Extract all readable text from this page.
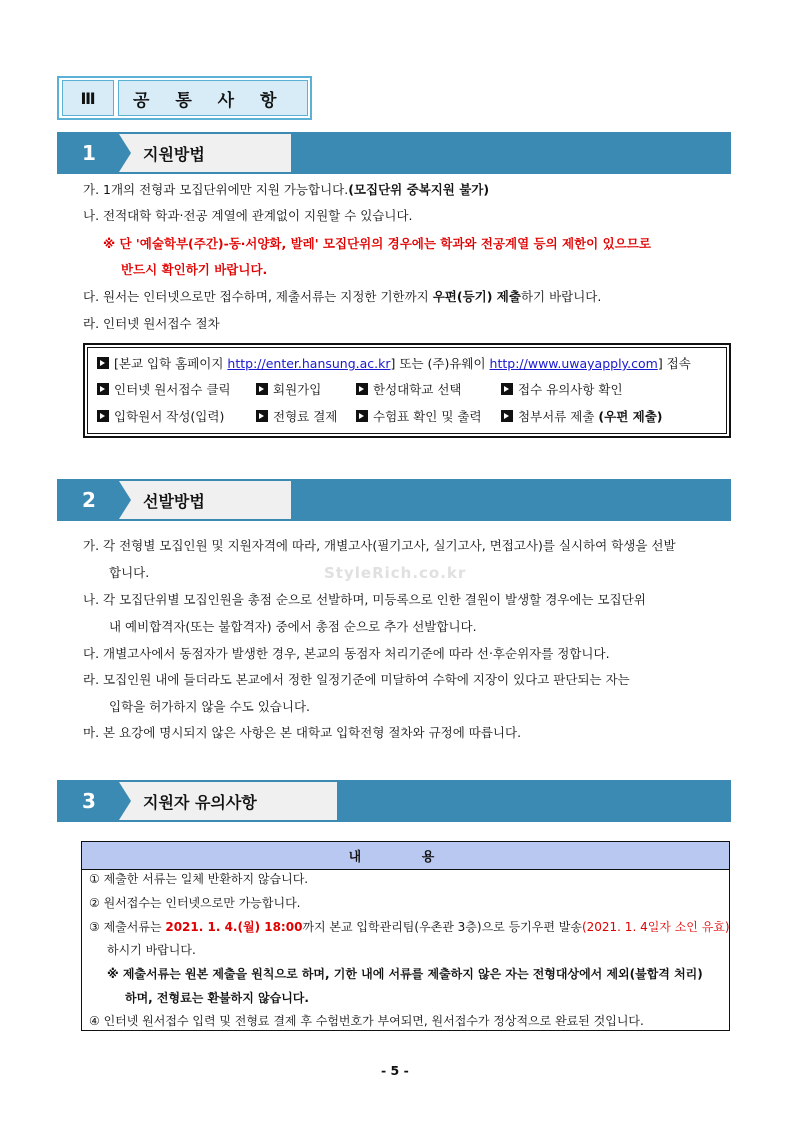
Ⅲ	공 통 사 항
1	지원방법
가. 1개의 전형과 모집단위에만 지원 가능합니다.(모집단위 중복지원 불가)
나. 전적대학 학과‧전공 계열에 관계없이 지원할 수 있습니다.
※ 단 '예술학부(주간)-동‧서양화, 발레' 모집단위의 경우에는 학과와 전공계열 등의 제한이 있으므로
반드시 확인하기 바랍니다.
다. 원서는 인터넷으로만 접수하며, 제출서류는 지정한 기한까지 우편(등기) 제출하기 바랍니다.
라. 인터넷 원서접수 절차
[본교 입학 홈페이지 http://enter.hansung.ac.kr] 또는 (주)유웨이 http://www.uwayapply.com] 접속
인터넷 원서접수 클릭	회원가입	한성대학교 선택	접수 유의사항 확인
입학원서 작성(입력)	전형료 결제	수험표 확인 및 출력	첨부서류 제출 (우편 제출)
2	선발방법
가. 각 전형별 모집인원 및 지원자격에 따라, 개별고사(필기고사, 실기고사, 면접고사)를 실시하여 학생을 선발
합니다.	StyleRich.co.kr
나. 각 모집단위별 모집인원을 총점 순으로 선발하며, 미등록으로 인한 결원이 발생할 경우에는 모집단위
내 예비합격자(또는 불합격자) 중에서 총점 순으로 추가 선발합니다.
다. 개별고사에서 동점자가 발생한 경우, 본교의 동점자 처리기준에 따라 선‧후순위자를 정합니다.
라. 모집인원 내에 들더라도 본교에서 정한 일정기준에 미달하여 수학에 지장이 있다고 판단되는 자는
입학을 허가하지 않을 수도 있습니다.
마. 본 요강에 명시되지 않은 사항은 본 대학교 입학전형 절차와 규정에 따릅니다.
3	지원자 유의사항
내 용
① 제출한 서류는 일체 반환하지 않습니다.
② 원서접수는 인터넷으로만 가능합니다.
③ 제출서류는 2021. 1. 4.(월) 18:00까지 본교 입학관리팀(우촌관 3층)으로 등기우편 발송(2021. 1. 4일자 소인 유효)
하시기 바랍니다.
※ 제출서류는 원본 제출을 원칙으로 하며, 기한 내에 서류를 제출하지 않은 자는 전형대상에서 제외(불합격 처리)
하며, 전형료는 환불하지 않습니다.
④ 인터넷 원서접수 입력 및 전형료 결제 후 수험번호가 부여되면, 원서접수가 정상적으로 완료된 것입니다.
- 5 -
